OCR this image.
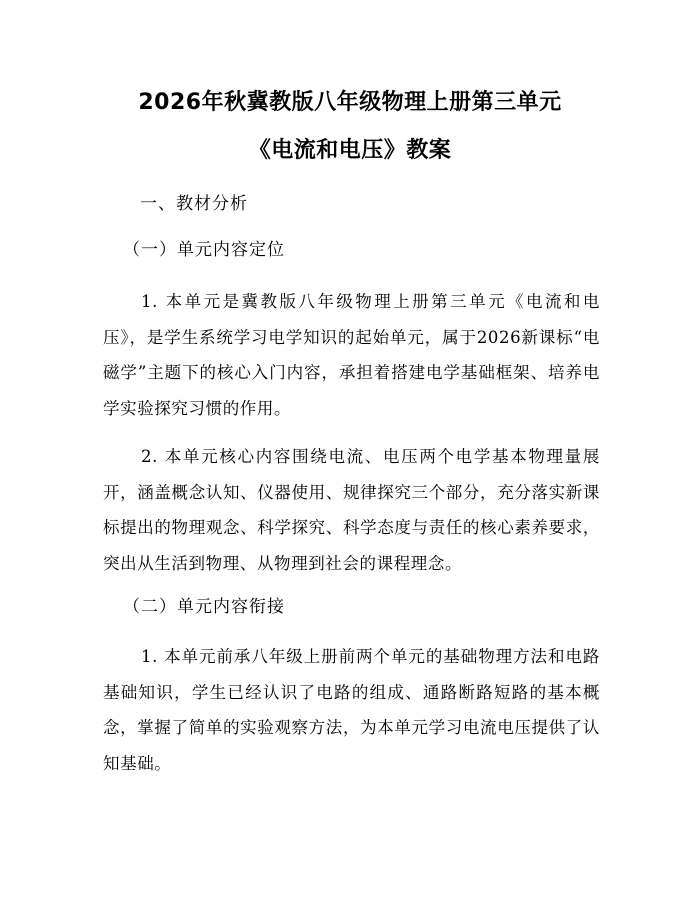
2026年秋冀教版八年级物理上册第三单元
《电流和电压》教案
一、教材分析
（一）单元内容定位

1. 本单元是冀教版八年级物理上册第三单元《电流和电压》，是学生系统学习电学知识的起始单元，属于2026新课标“电磁学”主题下的核心入门内容，承担着搭建电学基础框架、培养电学实验探究习惯的作用。

2. 本单元核心内容围绕电流、电压两个电学基本物理量展开，涵盖概念认知、仪器使用、规律探究三个部分，充分落实新课标提出的物理观念、科学探究、科学态度与责任的核心素养要求，突出从生活到物理、从物理到社会的课程理念。

（二）单元内容衔接

1. 本单元前承八年级上册前两个单元的基础物理方法和电路基础知识，学生已经认识了电路的组成、通路断路短路的基本概念，掌握了简单的实验观察方法，为本单元学习电流电压提供了认知基础。
